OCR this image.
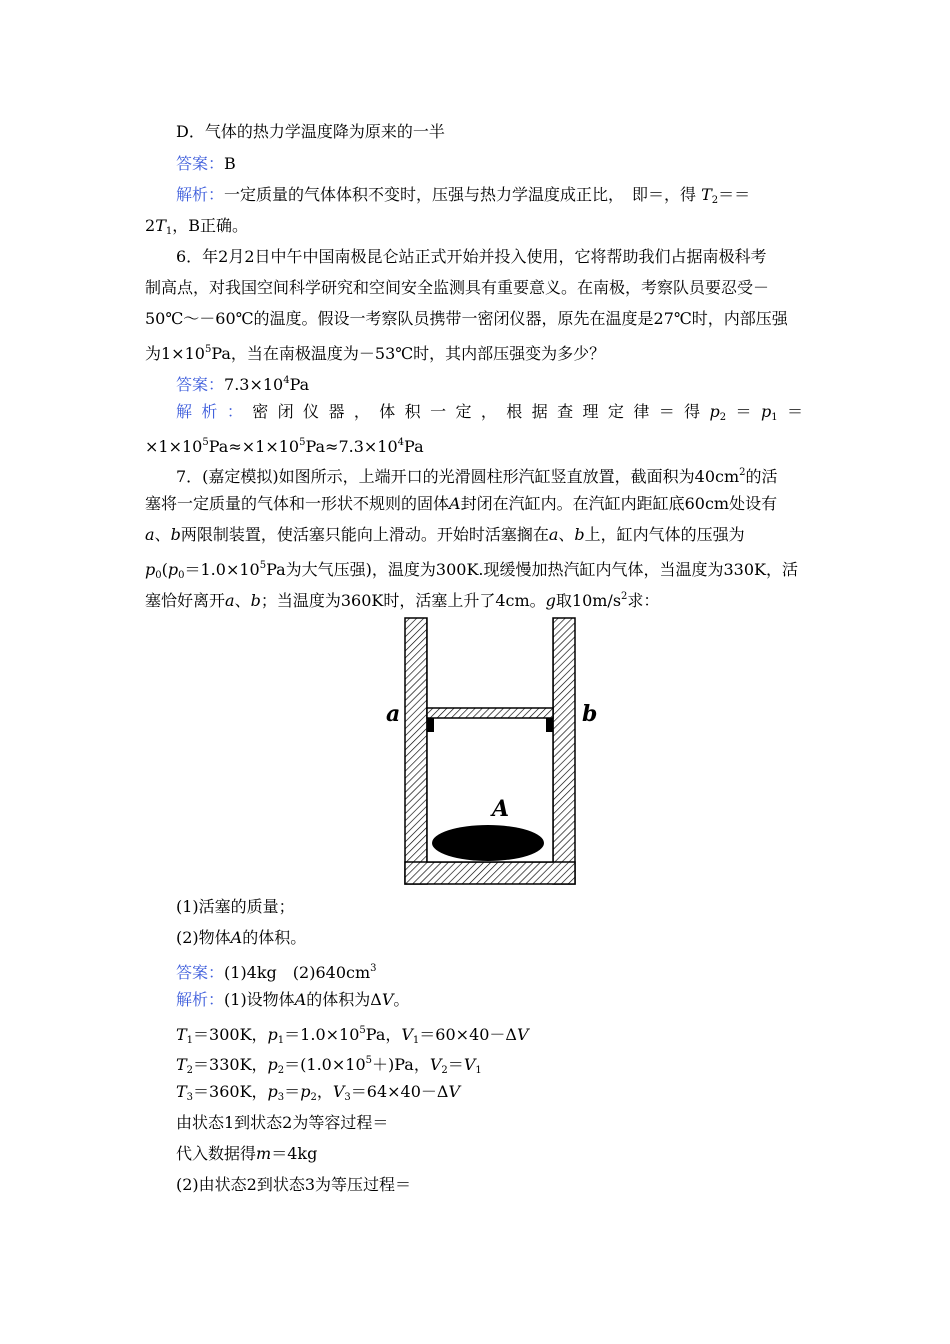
D．气体的热力学温度降为原来的一半
答案：B
解析：一定质量的气体体积不变时，压强与热力学温度成正比，　即＝，得 $T_2==$
$2T_1$，B正确。
6．年2月2日中午中国南极昆仑站正式开始并投入使用，它将帮助我们占据南极科考
制高点，对我国空间科学研究和空间安全监测具有重要意义。在南极，考察队员要忍受－
50℃～－60℃的温度。假设一考察队员携带一密闭仪器，原先在温度是27℃时，内部压强
为$1\times 10^5Pa$，当在南极温度为－53℃时，其内部压强变为多少？
答案：$7.3\times 10^4Pa$
解 析 ： 密 闭 仪 器 ， 体 积 一 定 ， 根 据 查 理 定 律 ＝ 得 $p_2 = p_1$ ＝
$\times 1\times 10^5Pa\approx\times 1\times 10^5Pa\approx 7.3\times 10^4Pa$
7．(嘉定模拟)如图所示，上端开口的光滑圆柱形汽缸竖直放置，截面积为$40cm^2$的活
塞将一定质量的气体和一形状不规则的固体A封闭在汽缸内。在汽缸内距缸底60cm处设有
a、b两限制装置，使活塞只能向上滑动。开始时活塞搁在a、b上，缸内气体的压强为
$p_0(p_0=1.0\times 10^5Pa$为大气压强)，温度为300K.现缓慢加热汽缸内气体，当温度为330K，活
塞恰好离开a、b；当温度为360K时，活塞上升了4cm。g取$10m/s^2$求：
a	b
A
(1)活塞的质量；
(2)物体A的体积。
答案：(1)4kg　$(2)640cm^3$
解析：(1)设物体A的体积为ΔV。
$T_1=300K$，$p_1=1.0\times 10^5Pa$，$V_1=60\times 40-\Delta V$
$T_2=330K$，$p_2=(1.0\times 10^5+)Pa$，$V_2=V_1$
$T_3=360K$，$p_3=p_2$，$V_3=64\times 40-\Delta V$
由状态1到状态2为等容过程＝
代入数据得m＝4kg
(2)由状态2到状态3为等压过程＝
